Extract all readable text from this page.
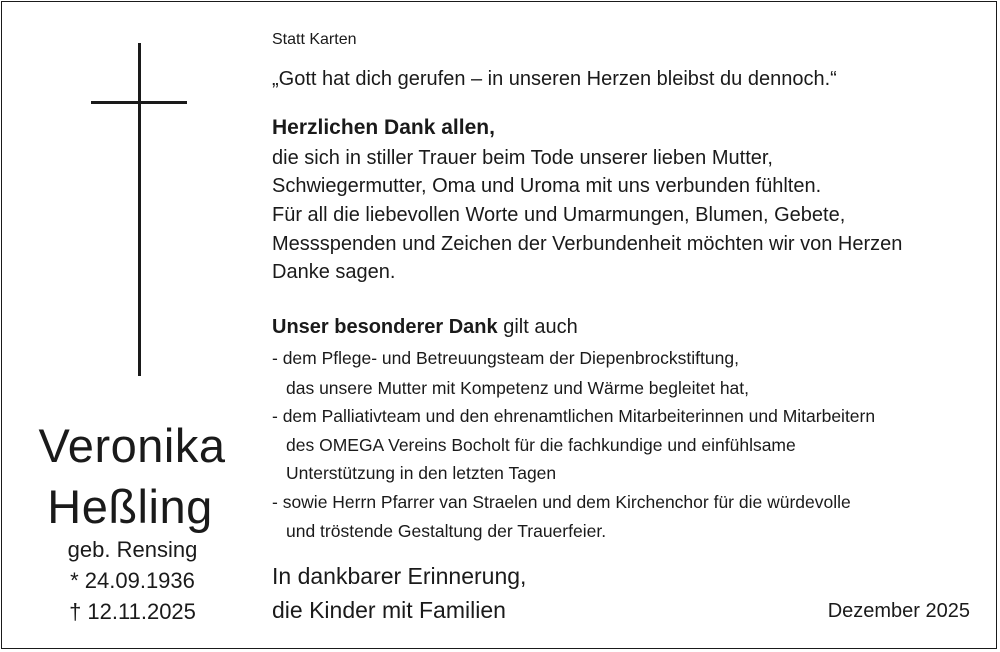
Veronika
Heßling
geb. Rensing
* 24.09.1936
† 12.11.2025
Statt Karten
„Gott hat dich gerufen – in unseren Herzen bleibst du dennoch.“
Herzlichen Dank allen,
die sich in stiller Trauer beim Tode unserer lieben Mutter,
Schwiegermutter, Oma und Uroma mit uns verbunden fühlten.
Für all die liebevollen Worte und Umarmungen, Blumen, Gebete,
Messspenden und Zeichen der Verbundenheit möchten wir von Herzen
Danke sagen.
Unser besonderer Dank gilt auch
- dem Pflege- und Betreuungsteam der Diepenbrockstiftung,
das unsere Mutter mit Kompetenz und Wärme begleitet hat,
- dem Palliativteam und den ehrenamtlichen Mitarbeiterinnen und Mitarbeitern
des OMEGA Vereins Bocholt für die fachkundige und einfühlsame
Unterstützung in den letzten Tagen
- sowie Herrn Pfarrer van Straelen und dem Kirchenchor für die würdevolle
und tröstende Gestaltung der Trauerfeier.
In dankbarer Erinnerung,
die Kinder mit Familien	Dezember 2025
